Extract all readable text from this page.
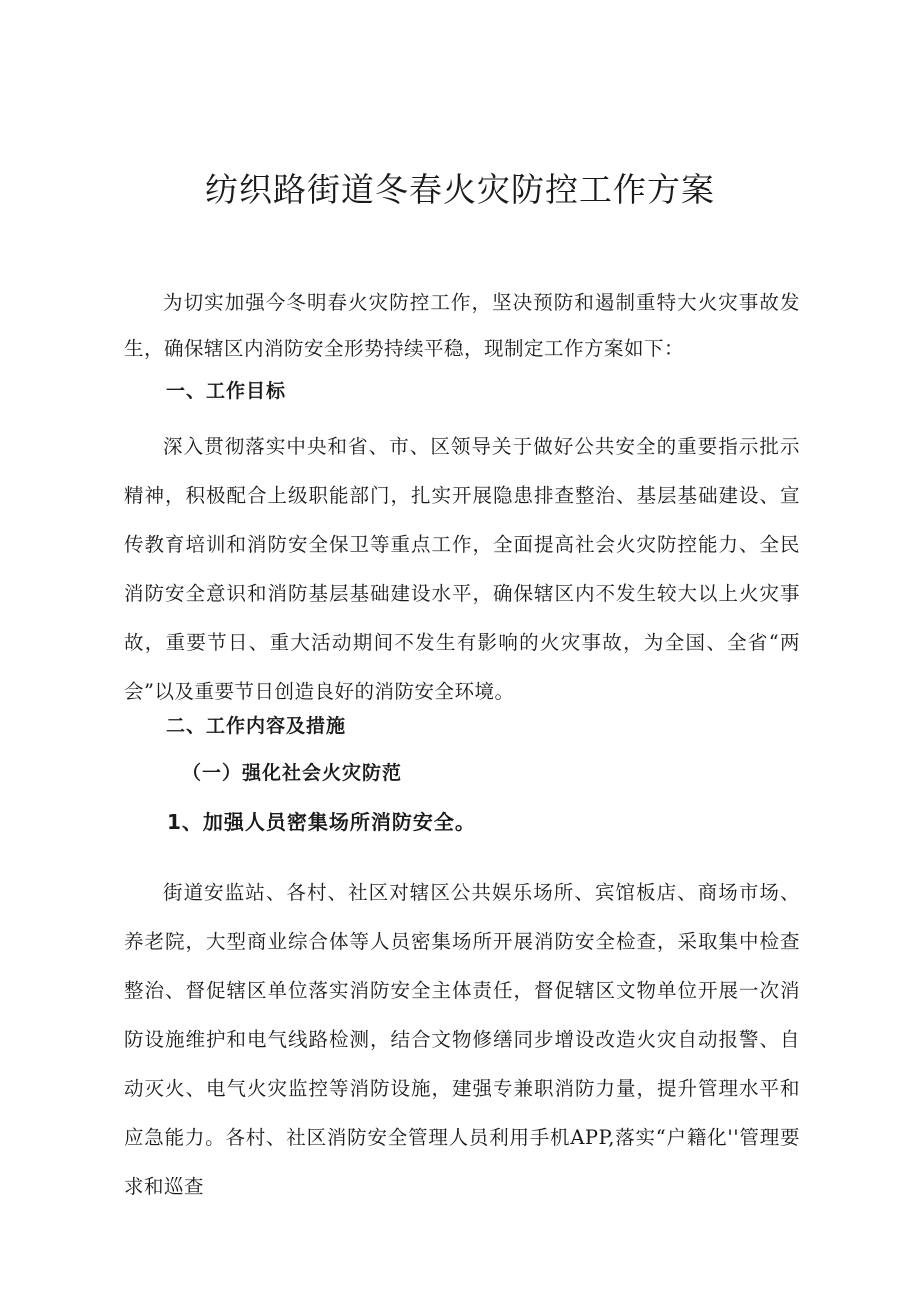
纺织路街道冬春火灾防控工作方案

为切实加强今冬明春火灾防控工作，坚决预防和遏制重特大火灾事故发生，确保辖区内消防安全形势持续平稳，现制定工作方案如下：

一、工作目标

深入贯彻落实中央和省、市、区领导关于做好公共安全的重要指示批示精神，积极配合上级职能部门，扎实开展隐患排查整治、基层基础建设、宣传教育培训和消防安全保卫等重点工作，全面提高社会火灾防控能力、全民消防安全意识和消防基层基础建设水平，确保辖区内不发生较大以上火灾事故，重要节日、重大活动期间不发生有影响的火灾事故，为全国、全省“两会”以及重要节日创造良好的消防安全环境。

二、工作内容及措施
（一）强化社会火灾防范
1、加强人员密集场所消防安全。

街道安监站、各村、社区对辖区公共娱乐场所、宾馆板店、商场市场、养老院，大型商业综合体等人员密集场所开展消防安全检查，采取集中检查整治、督促辖区单位落实消防安全主体责任，督促辖区文物单位开展一次消防设施维护和电气线路检测，结合文物修缮同步增设改造火灾自动报警、自动灭火、电气火灾监控等消防设施，建强专兼职消防力量，提升管理水平和应急能力。各村、社区消防安全管理人员利用手机APP,落实“户籍化''管理要求和巡查
